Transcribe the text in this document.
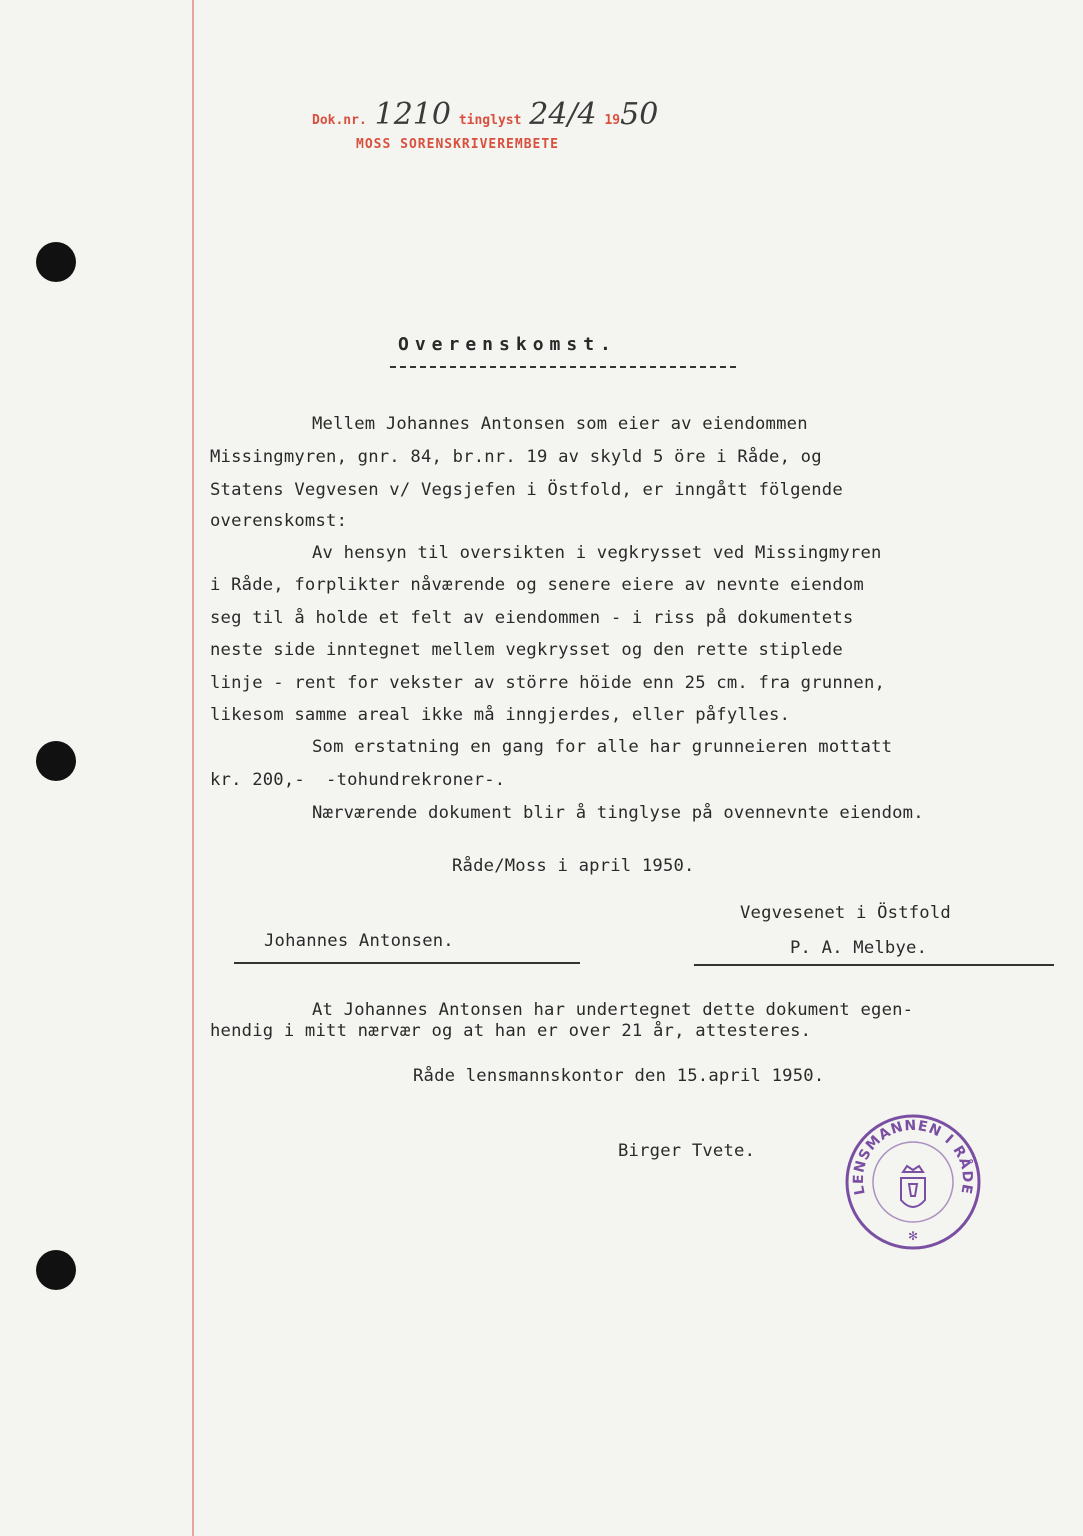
Dok.nr. 1210 tinglyst 24/4 1950
MOSS SORENSKRIVEREMBETE
Overenskomst.
Mellem Johannes Antonsen som eier av eiendommen
Missingmyren, gnr. 84, br.nr. 19 av skyld 5 öre i Råde, og
Statens Vegvesen v/ Vegsjefen i Östfold, er inngått fölgende
overenskomst:
Av hensyn til oversikten i vegkrysset ved Missingmyren
i Råde, forplikter nåværende og senere eiere av nevnte eiendom
seg til å holde et felt av eiendommen - i riss på dokumentets
neste side inntegnet mellem vegkrysset og den rette stiplede
linje - rent for vekster av större höide enn 25 cm. fra grunnen,
likesom samme areal ikke må inngjerdes, eller påfylles.
Som erstatning en gang for alle har grunneieren mottatt
kr. 200,-  -tohundrekroner-.
Nærværende dokument blir å tinglyse på ovennevnte eiendom.
Råde/Moss i april 1950.
Vegvesenet i Östfold
Johannes Antonsen.	P. A. Melbye.
At Johannes Antonsen har undertegnet dette dokument egen-
hendig i mitt nærvær og at han er over 21 år, attesteres.
Råde lensmannskontor den 15.april 1950.
Birger Tvete.
LENSMANNEN I RÅDE
✻
